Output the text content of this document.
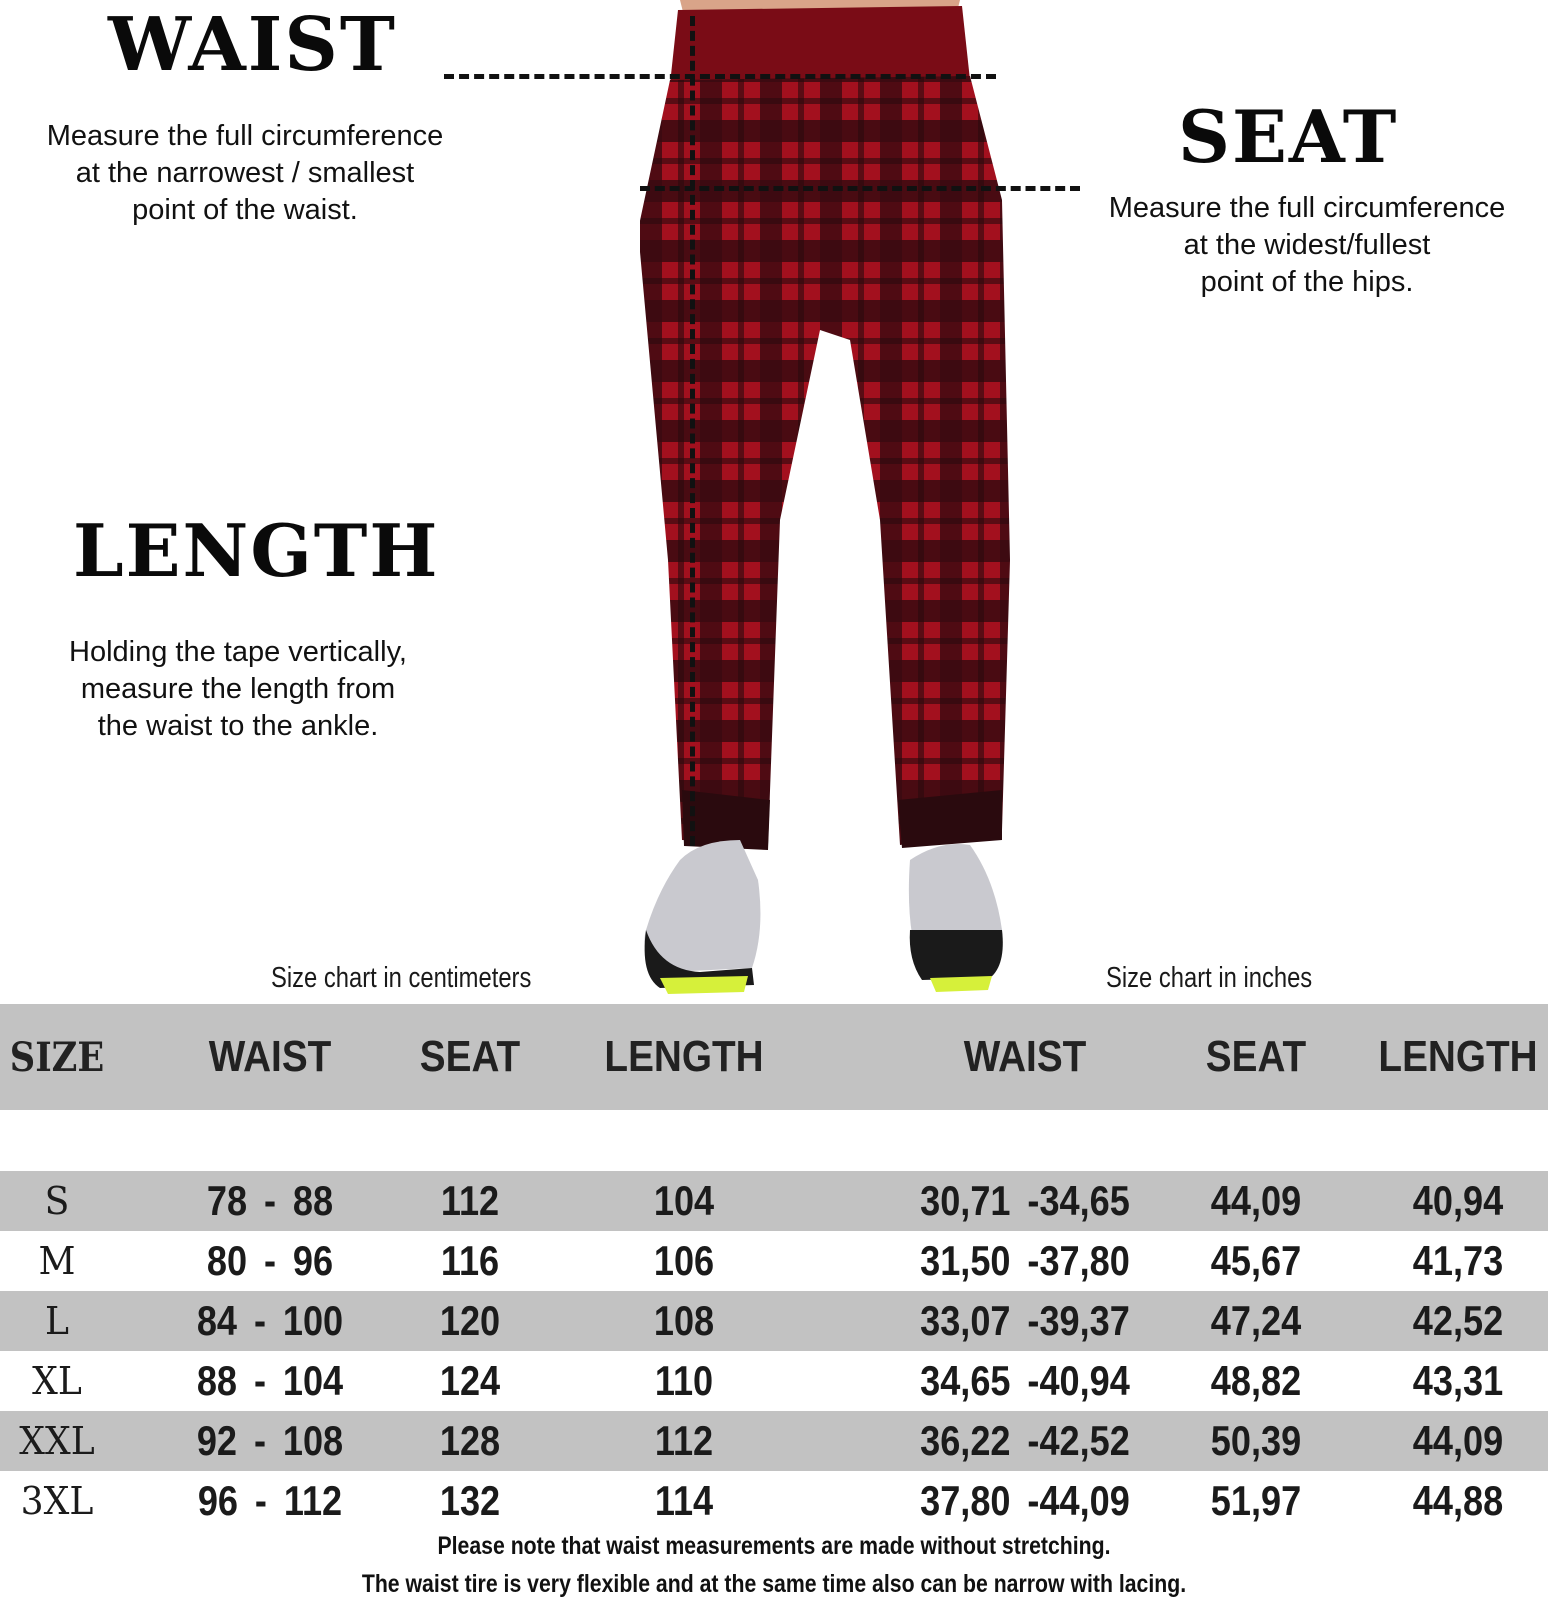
WAIST

Measure the full circumference
at the narrowest / smallest
point of the waist.

SEAT

Measure the full circumference
at the widest/fullest
point of the hips.

LENGTH

Holding the tape vertically,
measure the length from
the waist to the ankle.

Size chart in centimeters	Size chart in inches

SIZE	WAIST	SEAT LENGTH	WAIST	SEAT LENGTH
S	78 - 88	112	104	30,71 -34,65	44,09	40,94
M	80 - 96	116	106	31,50 -37,80	45,67	41,73
L	84 - 100	120	108	33,07 -39,37	47,24	42,52
XL	88 - 104	124	110	34,65 -40,94	48,82	43,31
XXL	92 - 108	128	112	36,22 -42,52	50,39	44,09
3XL	96 - 112	132	114	37,80 -44,09	51,97	44,88

Please note that waist measurements are made without stretching.

The waist tire is very flexible and at the same time also can be narrow with lacing.
